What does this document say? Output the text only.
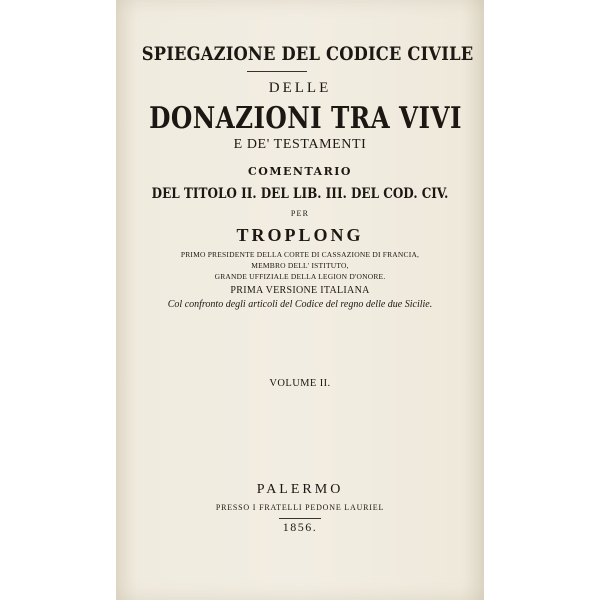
SPIEGAZIONE DEL CODICE CIVILE
DELLE
DONAZIONI TRA VIVI
E DE' TESTAMENTI
COMENTARIO
DEL TITOLO II. DEL LIB. III. DEL COD. CIV.
PER
TROPLONG
PRIMO PRESIDENTE DELLA CORTE DI CASSAZIONE DI FRANCIA,
MEMBRO DELL' ISTITUTO,
GRANDE UFFIZIALE DELLA LEGION D'ONORE.
PRIMA VERSIONE ITALIANA
Col confronto degli articoli del Codice del regno delle due Sicilie.
VOLUME II.
PALERMO
PRESSO I FRATELLI PEDONE LAURIEL
1856.
